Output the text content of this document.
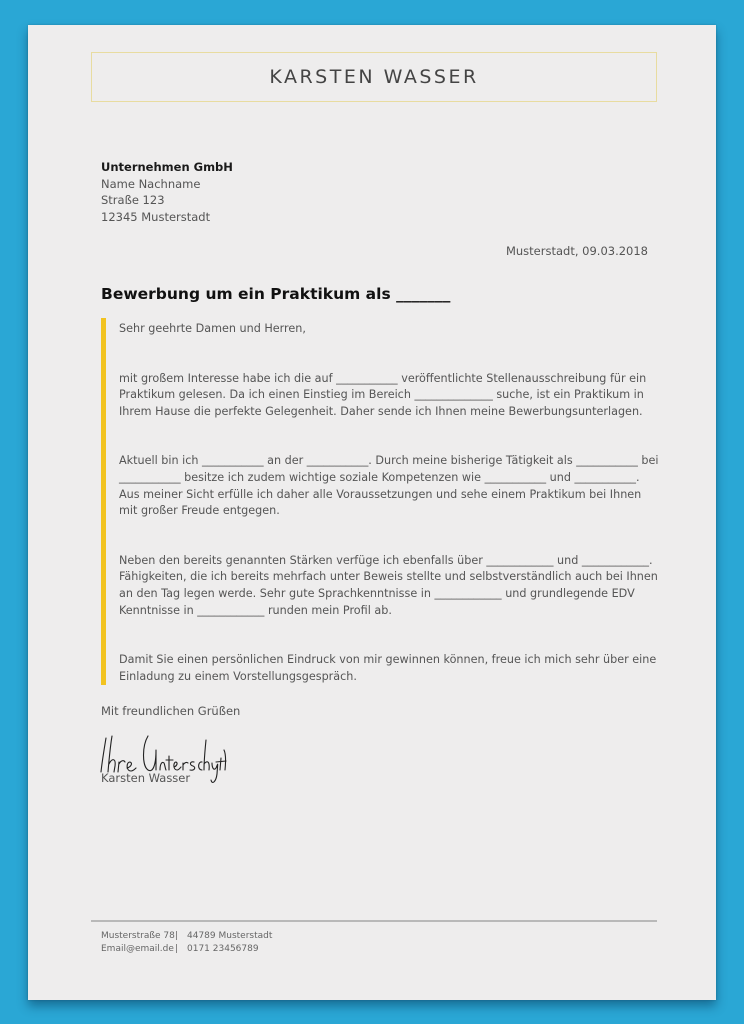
KARSTEN WASSER
Unternehmen GmbH
Name Nachname
Straße 123
12345 Musterstadt
Musterstadt, 09.03.2018
Bewerbung um ein Praktikum als _______

Sehr geehrte Damen und Herren,

mit großem Interesse habe ich die auf ___________ veröffentlichte Stellenausschreibung für ein Praktikum gelesen. Da ich einen Einstieg im Bereich ______________ suche, ist ein Praktikum in Ihrem Hause die perfekte Gelegenheit. Daher sende ich Ihnen meine Bewerbungsunterlagen.

Aktuell bin ich ___________ an der ___________. Durch meine bisherige Tätigkeit als ___________ bei ___________ besitze ich zudem wichtige soziale Kompetenzen wie ___________ und ___________. Aus meiner Sicht erfülle ich daher alle Voraussetzungen und sehe einem Praktikum bei Ihnen mit großer Freude entgegen.

Neben den bereits genannten Stärken verfüge ich ebenfalls über ____________ und ____________. Fähigkeiten, die ich bereits mehrfach unter Beweis stellte und selbstverständlich auch bei Ihnen an den Tag legen werde. Sehr gute Sprachkenntnisse in ____________ und grundlegende EDV Kenntnisse in ____________ runden mein Profil ab.

Damit Sie einen persönlichen Eindruck von mir gewinnen können, freue ich mich sehr über eine Einladung zu einem Vorstellungsgespräch.

Mit freundlichen Grüßen
Karsten Wasser
Musterstraße 78 | 44789 Musterstadt
Email@email.de | 0171 23456789
